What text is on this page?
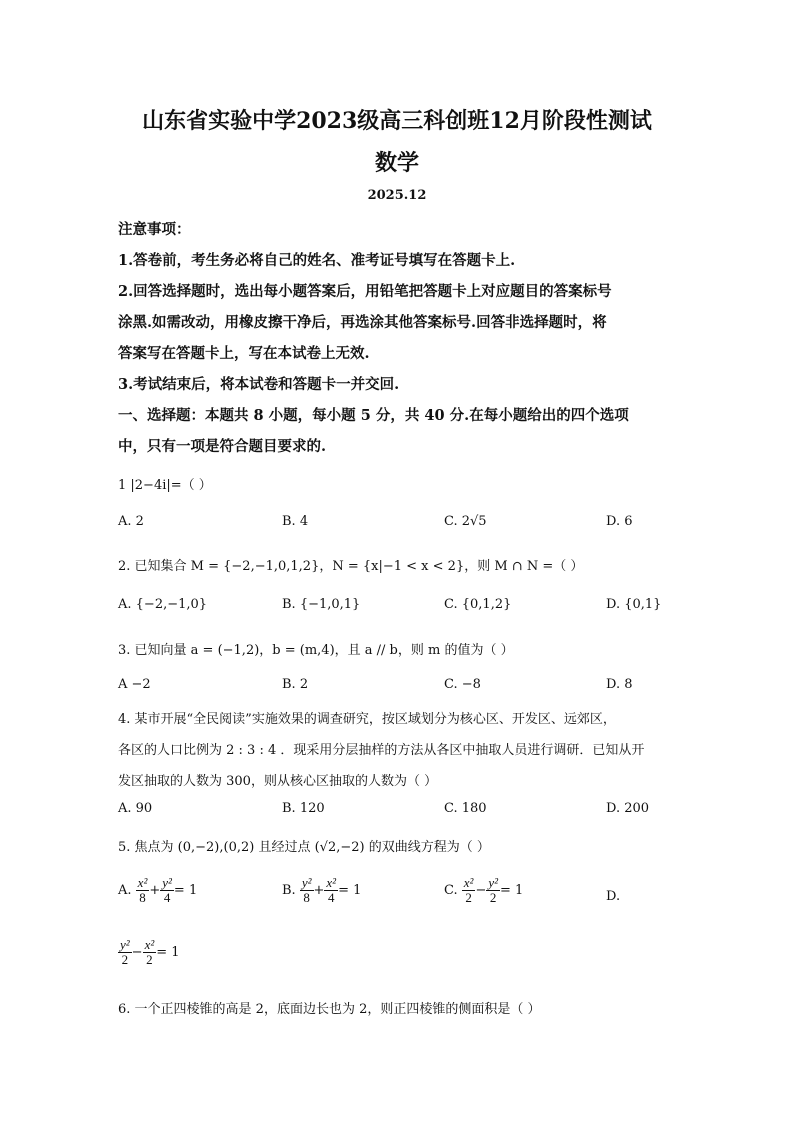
山东省实验中学2023级高三科创班12月阶段性测试
数学
2025.12
注意事项：
1.答卷前，考生务必将自己的姓名、准考证号填写在答题卡上.
2.回答选择题时，选出每小题答案后，用铅笔把答题卡上对应题目的答案标号
涂黑.如需改动，用橡皮擦干净后，再选涂其他答案标号.回答非选择题时，将
答案写在答题卡上，写在本试卷上无效.
3.考试结束后，将本试卷和答题卡一并交回.
一、选择题：本题共 8 小题，每小题 5 分，共 40 分.在每小题给出的四个选项
中，只有一项是符合题目要求的.
1 |2−4i|=（ ）
A. 2	B. 4	C. 2√5	D. 6
2. 已知集合 M = {−2,−1,0,1,2}，N = {x|−1 < x < 2}，则 M ∩ N =（ ）
A. {−2,−1,0}	B. {−1,0,1}	C. {0,1,2}	D. {0,1}
3. 已知向量 a = (−1,2)，b = (m,4)，且 a // b，则 m 的值为（ ）
A −2	B. 2	C. −8	D. 8
4. 某市开展“全民阅读”实施效果的调查研究，按区域划分为核心区、开发区、远郊区，
各区的人口比例为 2 : 3 : 4 ．现采用分层抽样的方法从各区中抽取人员进行调研．已知从开
发区抽取的人数为 300，则从核心区抽取的人数为（ ）
A. 90	B. 120	C. 180	D. 200
5. 焦点为 (0,−2),(0,2) 且经过点 (√2,−2) 的双曲线方程为（ ）
A. $\frac{\text{x²}}{8} + \frac{\text{y²}}{4} = 1$	B. $\frac{\text{y²}}{8} + \frac{\text{x²}}{4} = 1$	C. $\frac{\text{x²}}{2} - \frac{\text{y²}}{2} = 1$	D.
$\frac{\text{y²}}{2} - \frac{\text{x²}}{2} = 1$
6. 一个正四棱锥的高是 2，底面边长也为 2，则正四棱锥的侧面积是（ ）
